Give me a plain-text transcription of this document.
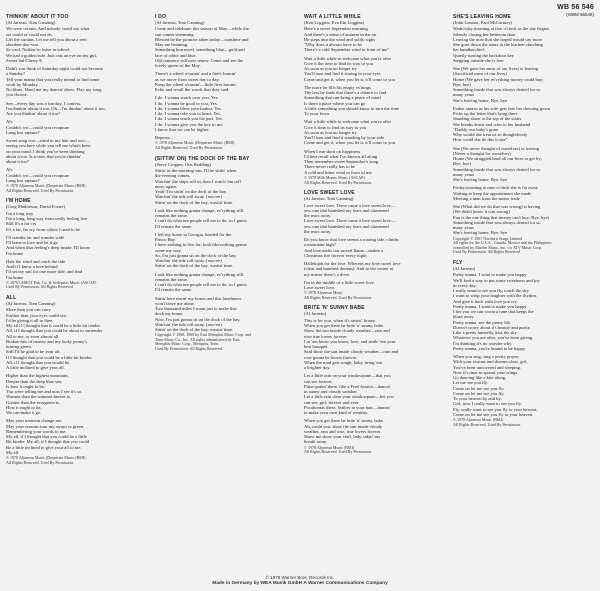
WB 56 546
(WBM 56546)
THINKIN' ABOUT IT TOO
(Al Jarreau, Tom Canning)
We were certain, And nobody could say what
we could or could not do.
Lift the curtain, Let me tell you about a new
shoobee-doo-voo.
So cool, Nothin' to leave in school.
We had a golden rule. Just cast an eye on my girl,
Sweet Sal Cherry E.
Didn't you think of Saturday night could not become
a Sunday?
Tell your mama that you really intend to find some
work by Monday.
No blues. Hand me my dancin' shoes. Play my song
you choose.
See—every day was a fun day, I confess,
I'm thinkin' about it too, Oh—I'm thinkin' about it too,
Are you thinkin' about it too?
Ah:
Couldn't we—could you recapture
Long lost rapture?
Sweet song ooo—wind in my hair and ooo—
seeing you here while you tell me what's been
on your mind. I think you've been thinking
about it too. Is it true, that you're thinkin'
about it too?
Ah:
Couldn't we—could you recapture
Long lost rapture?
© 1978 Aljarreau Music (Desperate Music (BMI)
All Rights Reserved. Used By Permission.
I'M HOME
(Greg Mathieson, David Foster)
I'm a long way
I'm a long, long way from really feeling free
Still it's a far cry
It's a far, far cry from where I used to be
I'll wander far and wander wide
I'll learn to love and let it go
And when that feeling's deep inside, I'll know
I'm home
Hale the wind and catch the tide
And if I knew a love behind
I'll set my sail for one more tide, and find
I'm home
© 1978 LEMOT Pub. Co. & Soiliquies Music (ASCAP)
Used By Permission. All Rights Reserved.
ALL
(Al Jarreau, Tom Canning)
More than you can carry
Further than your eyes could see,
I'd be giving it all to thee.
My all if I thought that it could be a little bit tender.
All, if I thought that you could be about to surrender
All to me, or even almost all.
Broken bits of money and my lucky penny's
turning green,
Still I'd be glad to be your all.
If I thought that you could be a little bit kinder.
All, if I thought that you would be,
A little inclined to give your all.
Higher than the highest mountain,
Deeper than the deep blue sea,
Is how it ought to be.
You were telling me and now I see it's so.
Warmer than the summer breeze is,
Greater than the evergreen is,
How it ought to be,
We can make it go.
May your moment change me.
May your reasons turn my aways to green.
Remembering your words to me.
My all, if I thought that you could be a little
Bit kinder. My all, if I thought that you could
Be a little inclined to give your all to me.
My all.
© 1978 Aljarreau Music (Desperate Music (BMI)
All Rights Reserved. Used By Permission.
I DO
(Al Jarreau, Tom Canning)
Come and celebrate this season of May—while the
sun comes streaming.
Blessed be the promise taken today—sunshine and
May are beaming.
Something borrowed, something blue—gold and
lace of white and blue.
Old romance will now renew. Come and see the
lovely queen of the May.
There's a wheel a-turnin' and a fine's burnin'
as we move from sweet day to day.
Keep the wheel a-turnin'—little fires burnin',
Echo and recall the words that they said.
I do. I wanna watch over you, Yes.
I do. I wanna be good to you, Yes.
I do. I wanna bless your harbor, Yes.
I do. I wanna take you to heart, Yes.
I do. I wanna teach you the part, Yes.
I do. I wanna give you the key to me.
I know that we can be higher.
Repeats...
© 1978 Aljarreau Music (Desperate Music (BMI)
All Rights Reserved. Used By Permission.
(SITTIN' ON) THE DOCK OF THE BAY
(Steve Cropper, Otis Redding)
Sittin' in the morning sun, I'll be sittin' when
the evening comes,
Watchin' the ships roll in, then I watch 'em roll
away again.
Yeah! I'm sittin' on the dock of the bay.
Watchin' the tide roll away. (ooo-ee)
Sittin' on the dock of the bay, wastin' time.
Look like nothing gonna change, ev'rything still
remains the same.
I can't do what ten people tell me to do, so I guess
I'll remain the same.
I left my home in Georgia, headed for the
Frisco Bay.
I have nothing to live for, look like nothing gonna
come my way.
So, I'm just gonna sit on the dock of the bay,
Watchin' the tide roll away. (ooo-ee)
Sittin' on the dock of the bay, wastin' time.
Look like nothing gonna change, ev'rything still
remains the same.
I can't do what ten people tell me to do, so I guess
I'll remain the same.
Sittin' here restin' my bones and this loneliness
won't leave me alone.
Two thousand miles I roam just to make this
dock my home.
Now, I'm just gonna sit on the dock of the bay,
Watchin' the tide roll away. (ooo-ee)
Sittin' on the dock of the bay, wastin' time.
Copyright © 1968, 1969 by East Memphis Music Corp. and
Time Music Co., Inc. All rights administered by East
Memphis Music Corp., Memphis, Tenn.
Used By Permission. All Rights Reserved.
WAIT A LITTLE WHILE
(Ken Loggins, Eva Ein Loggins)
Here's a sweet September morning
And there's a sense of autumn in the air
He steps into the wind and softly sighs
"Why does it always have to be
There's a cold September wind in front of me"
Wait a little while to welcome what you're after
Give it the time to find its way to you
As soon as you no longer try
You'll turn and find it staring in your eyes
Come and get it, when you let it, it'll come to you
The more he fills his empty ev'nings
The less he finds that there's a chance to find
Something that can bring a peace of mind
Is there a place where you can go
A little something you should know to turn the time
To your favor
Wait a little while to welcome what you're after
Give it time to find its way to you
As soon as you no longer try
You'll turn and find it standing by your side
Come and get it, when you let it, it'll come to you
When I run short on happiness
I'd best recall what I've known all along
Then remember sweet September's song
There never really has to be
A cold and bitter wind in front of me
© 1978 Milk Money Music (ASCAP)
All Rights Reserved. Used By Permission.
LOVE SWEET LOVE
(Al Jarreau, Tom Canning)
Love sweet love. There came a love sweet love—
yes, one that banished my fears and chastened
the tears away.
Love sweet love. There came a love sweet love—
yes, one that banished my fears and chastened
the tears away.
Do you know that love seems a roaring tide, climbs
a mountain high?
And love melts our sacred flame—makes a
Christmas fire forever every night.
Hallelujah for the love. Whereas my love sweet love
(clear and hundred dreams). And in the corner of
my mirror there's a dove.
I'm in the middle of a little sweet love.
Love sweet love.
© 1978 Aljarreau Music
All Rights Reserved. Used By Permission.
BRITE 'N' SUNNY BABE
(Al Jarreau)
This is for you, when it's raisin', honey.
When you get there be brite 'n' sunny, babe.
Show the sun inside cloudy weather—rain and
rose true lovers forever.
Let 'em know you know, love, and smile 'em your
best bouquet.
Said show the sun inside cloudy weather—rain and
rose gonna be lovers forever.
When the road gets rough, baby, bring 'em
a brighter day.
Let a little rain on your windowpane—that you
can see forever.
Pitter-pattin' there, like a Fred Astaire—dancin'
in sunny and cloudy weather.
Let a little rain clear your windowpane—bet you
can see, girl, forever and ever.
Pocahontas there, feather in your hair—dancin'
to make your own kind of weather.
When you get there be brite 'n' sunny, babe.
Ah, could you, show the sun inside cloudy
weather, rain and rose, true lovers forever.
Show me show your stuff, lady, takin' my
breath away.
© 1978 Aljarreau Music (BMI)
All Rights Reserved. Used By Permission.
SHE'S LEAVING HOME
(John Lennon, Paul McCartney)
Wedn'sday morning at five o'clock as the day begins
Silently closing her bedroom door
Leaving the note that she hoped would say more
She goes down the stairs to the kitchen clutching
her handkerchief
Quietly turning the backdoor key
Stepping outside she is free
She (We gave her most of our lives) is leaving
(Sacrificed most of our lives)
Home (We gave her ev'rything money could buy;
Bye, bye)
Something inside that was always denied for so
many years
She's leaving home, Bye, bye
Father snores as his wife gets into her dressing gown
Picks up the letter that's lying there
Standing alone at the top of the stairs
She breaks down and cries to her husband
"Daddy, our baby's gone
Why would she treat us so thoughtlessly
How could she do this to me"
She (We never thought of ourselves) is leaving
(Never a thought for ourselves)
Home (We struggled hard all our lives to get by;
Bye, bye)
Something inside that was always denied for so
many years
She's leaving home, Bye, bye
Friday morning at nine o'clock she is far away
Waiting to keep the appointment she made
Meeting a man from the motor trade
She (What did we do that was wrong) is having
(We didn't know it was wrong)
Fun is the one thing that money can't buy; Bye, bye)
Something inside that was always denied for so
many years
She's leaving home, Bye, bye
Copyright © 1967 Northern Songs Limited
All rights for the U.S.A., Canada, Mexico and the Philippines
controlled by Maclen Music, Inc. c/o ATV Music Corp.
Used By Permission. All Rights Reserved.
FLY
(Al Jarreau)
Pretty mama, I want to make you happy.
We'll find a way to put some sweetness and joy
in every day.
I really want to see you fly, touch the sky.
I want to wrap your laughter with the rhythm.
And give it back with love you cry.
Pretty mama, I want to make you happy.
I bet you we can croon a tune that keeps the
blues away.
Pretty mama, see the pretty lily
Doesn't worry about it's beauty and purity.
Like a pretty butterfly, kiss the sky.
Whatever you are after, you've been giving.
I'm thinking it's no wonder why.
Pretty mama, you're bound to be happy.
When you sing, sing a pretty prayer.
With your visions and dreams clear, girl,
You've been uncovered and sleeping.
Now it's time to spread your wings.
Go dancing like a kite along,
Let me see you fly.
Come on let me see you fly.
Come on let me see you fly.
To your heaven by and by.
Girl, now I really want to see you fly.
Fly, really want to see you fly to your heaven,
Come on let me see you fly to your heaven.
© 1978 Aljarreau Music (BMI)
All Rights Reserved. Used By Permission.
© 1978 Warner Bros. Records Inc.
Made in Germany by WEA Musik GmbH A Warner Communications Company
